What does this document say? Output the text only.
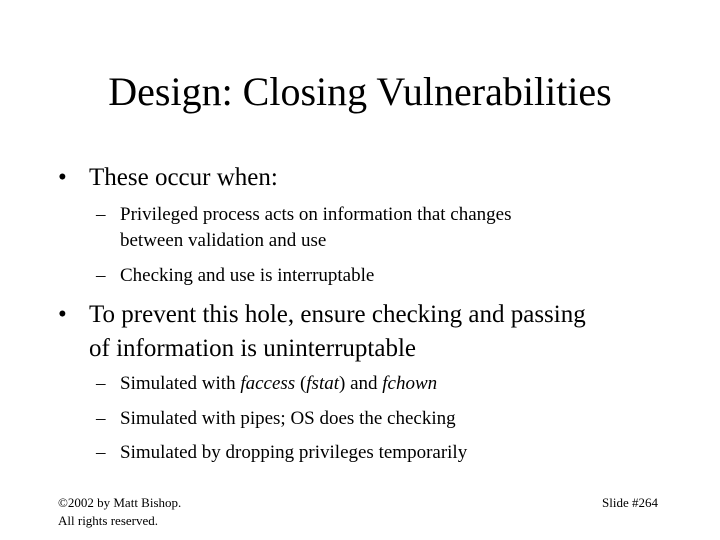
Design: Closing Vulnerabilities
• These occur when:
– Privileged process acts on information that changes
between validation and use
– Checking and use is interruptable
• To prevent this hole, ensure checking and passing
of information is uninterruptable
– Simulated with faccess (fstat) and fchown
– Simulated with pipes; OS does the checking
– Simulated by dropping privileges temporarily
©2002 by Matt Bishop.
All rights reserved.
Slide #264
